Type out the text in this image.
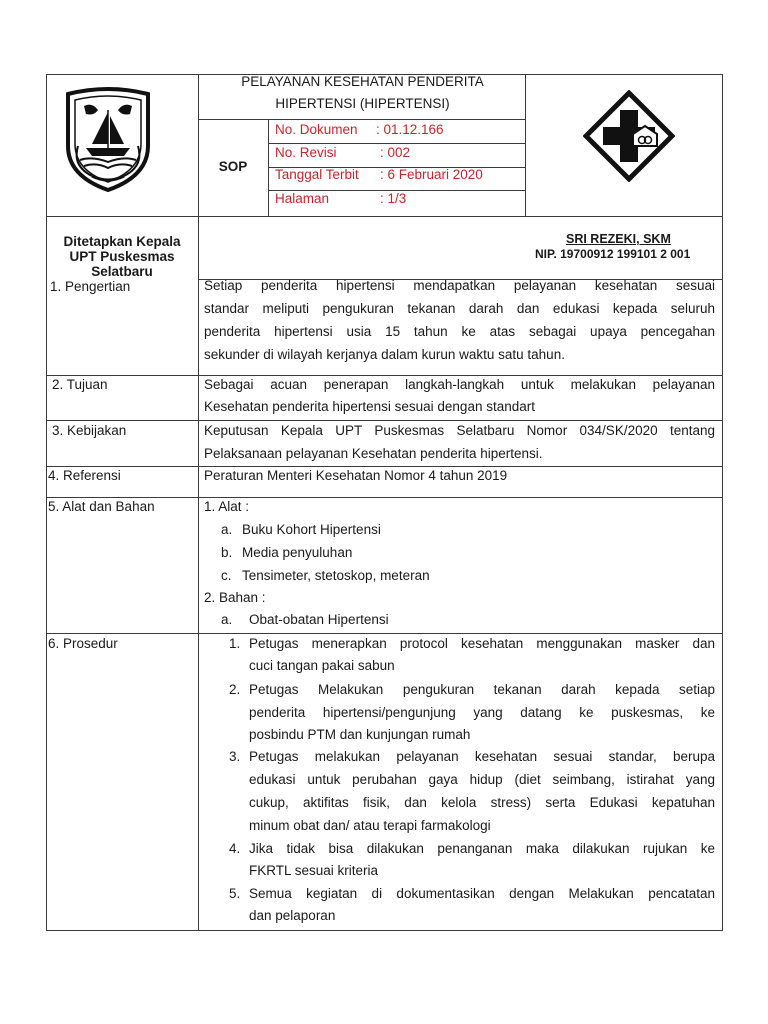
PELAYANAN KESEHATAN PENDERITA
HIPERTENSI (HIPERTENSI)
SOP
No. Dokumen : 01.12.166
No. Revisi	: 002
Tanggal Terbit : 6 Februari 2020
Halaman	: 1/3
Ditetapkan Kepala
UPT Puskesmas
Selatbaru
SRI REZEKI, SKM
NIP. 19700912 199101 2 001
1. Pengertian	Setiap penderita hipertensi mendapatkan pelayanan kesehatan sesuai
standar meliputi pengukuran tekanan darah dan edukasi kepada seluruh
penderita hipertensi usia 15 tahun ke atas sebagai upaya pencegahan
sekunder di wilayah kerjanya dalam kurun waktu satu tahun.
2. Tujuan	Sebagai acuan penerapan langkah-langkah untuk melakukan pelayanan
Kesehatan penderita hipertensi sesuai dengan standart
3. Kebijakan	Keputusan Kepala UPT Puskesmas Selatbaru Nomor 034/SK/2020 tentang
Pelaksanaan pelayanan Kesehatan penderita hipertensi.
4. Referensi	Peraturan Menteri Kesehatan Nomor 4 tahun 2019
5. Alat dan Bahan	1. Alat :
a. Buku Kohort Hipertensi
b. Media penyuluhan
c. Tensimeter, stetoskop, meteran
2. Bahan :
a. Obat-obatan Hipertensi
6. Prosedur	1. Petugas menerapkan protocol kesehatan menggunakan masker dan
cuci tangan pakai sabun
2. Petugas Melakukan pengukuran tekanan darah kepada setiap
penderita hipertensi/pengunjung yang datang ke puskesmas, ke
posbindu PTM dan kunjungan rumah
3. Petugas melakukan pelayanan kesehatan sesuai standar, berupa
edukasi untuk perubahan gaya hidup (diet seimbang, istirahat yang
cukup, aktifitas fisik, dan kelola stress) serta Edukasi kepatuhan
minum obat dan/ atau terapi farmakologi
4. Jika tidak bisa dilakukan penanganan maka dilakukan rujukan ke
FKRTL sesuai kriteria
5. Semua kegiatan di dokumentasikan dengan Melakukan pencatatan
dan pelaporan
